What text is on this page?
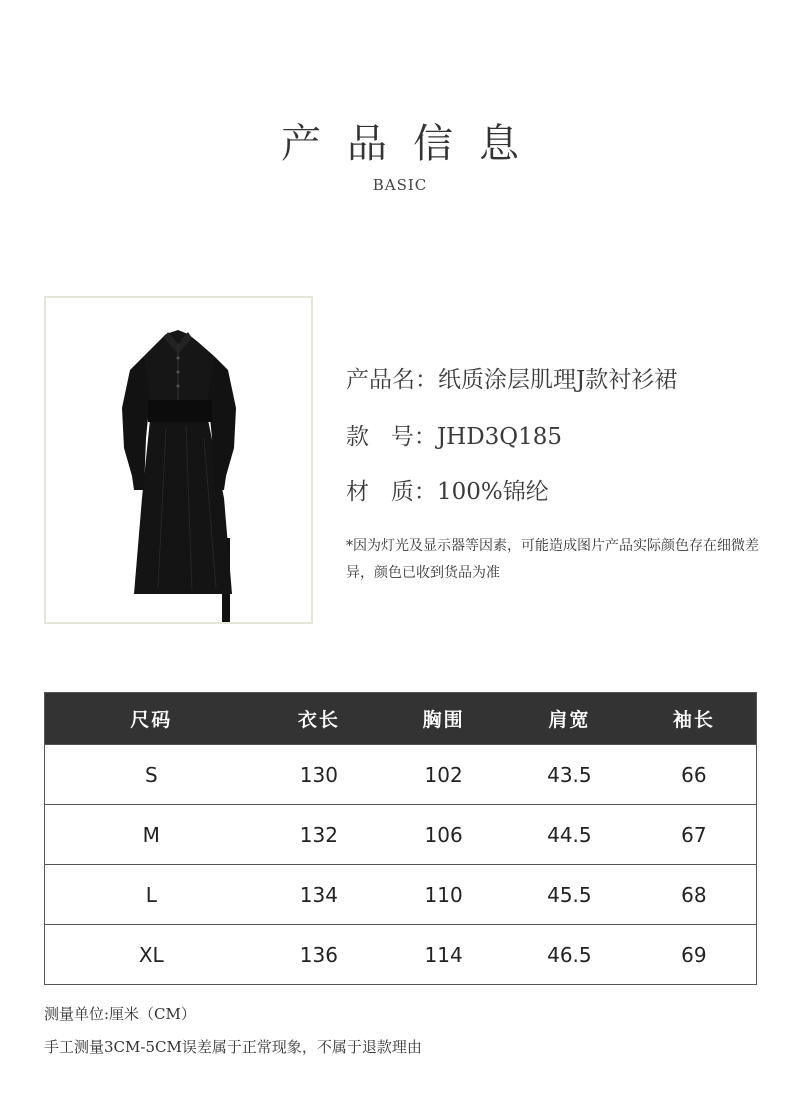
产品信息
BASIC
产品名：纸质涂层肌理J款衬衫裙
款   号：JHD3Q185
材   质：100%锦纶
*因为灯光及显示器等因素，可能造成图片产品实际颜色存在细微差异，颜色已收到货品为准
尺码	衣长	胸围	肩宽	袖长
S	130	102	43.5	66
M	132	106	44.5	67
L	134	110	45.5	68
XL	136	114	46.5	69
测量单位:厘米（CM）
手工测量3CM-5CM误差属于正常现象，不属于退款理由
